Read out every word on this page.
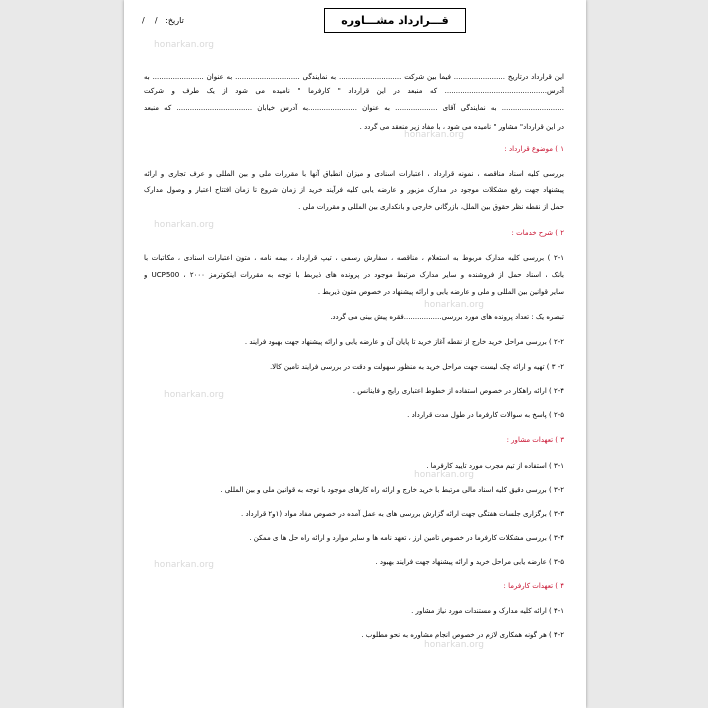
قـــرارداد مشـــاوره
تاریخ:   /    /
این قرارداد درتاریخ ....................... فیما بین شرکت ............................ به نمایندگی ............................. به عنوان ....................... به
آدرس.............................................. که منبعد در این قرارداد " کارفرما " نامیده می شود از یک طرف و شرکت
............................ به نمایندگی آقای ................... به عنوان ......................به آدرس خیابان .................................. که منبعد
در این قرارداد" مشاور " نامیده می شود ، با مفاد زیر منعقد می گردد .
۱ ) موضوع قرارداد :
بررسی کلیه اسناد مناقصه ، نمونه قرارداد ، اعتبارات اسنادی و میزان انطباق آنها با مقررات ملی و بین المللی و عرف تجاری و ارائه
پیشنهاد جهت رفع مشکلات موجود در مدارک مزبور و عارضه یابی کلیه فرآیند خرید از زمان شروع تا زمان افتتاح اعتبار و وصول مدارک
حمل از نقطه نظر حقوق بین الملل، بازرگانی خارجی و بانکداری بین المللی و مقررات ملی .
۲ ) شرح خدمات :
۲-۱ ) بررسی کلیه مدارک مربوط به استعلام ، مناقصه ، سفارش رسمی ، تیپ قرارداد ، بیمه نامه ، متون اعتبارات اسنادی ، مکاتبات با
بانک ، اسناد حمل از فروشنده و سایر مدارک مرتبط موجود در پرونده های ذیربط با توجه به مقررات اینکوترمز ۲۰۰۰ ، UCP500 و
سایر قوانین بین المللی و ملی و عارضه یابی و ارائه پیشنهاد در خصوص متون ذیربط .
تبصره یک : تعداد پرونده های مورد بررسی.................فقره پیش بینی می گردد.
۲-۲ ) بررسی مراحل خرید خارج از نقطه آغاز خرید تا پایان آن و عارضه یابی و ارائه پیشنهاد جهت بهبود فرایند .
۲- ۳ ) تهیه و ارائه چک لیست جهت مراحل خرید به منظور سهولت و دقت در بررسی فرایند تامین کالا.
۲-۴ ) ارائه راهکار در خصوص استفاده از خطوط اعتباری رایج و فاینانس .
۲-۵ ) پاسخ به سوالات کارفرما در طول مدت قرارداد .
۳ ) تعهدات مشاور :
۳-۱ ) استفاده از تیم مجرب مورد تایید کارفرما .
۳-۲ ) بررسی دقیق کلیه اسناد مالی مرتبط با خرید خارج و ارائه راه کارهای موجود با توجه به قوانین ملی و بین المللی .
۳-۳ ) برگزاری جلسات هفتگی جهت ارائه گزارش بررسی های به عمل آمده در خصوص مفاد مواد (۱و۲ قرارداد .
۳-۴ ) بررسی مشکلات کارفرما در خصوص تامین ارز ، تعهد نامه ها و سایر موارد و ارائه راه حل ها ی ممکن .
۳-۵ ) عارضه یابی مراحل خرید و ارائه پیشنهاد جهت فرایند بهبود .
۴ ) تعهدات کارفرما :
۴-۱ ) ارائه کلیه مدارک و مستندات مورد نیاز مشاور .
۴-۲ ) هر گونه همکاری لازم در خصوص انجام مشاوره به نحو مطلوب .
honarkan.org
honarkan.org
honarkan.org
honarkan.org
honarkan.org
honarkan.org
honarkan.org
honarkan.org
